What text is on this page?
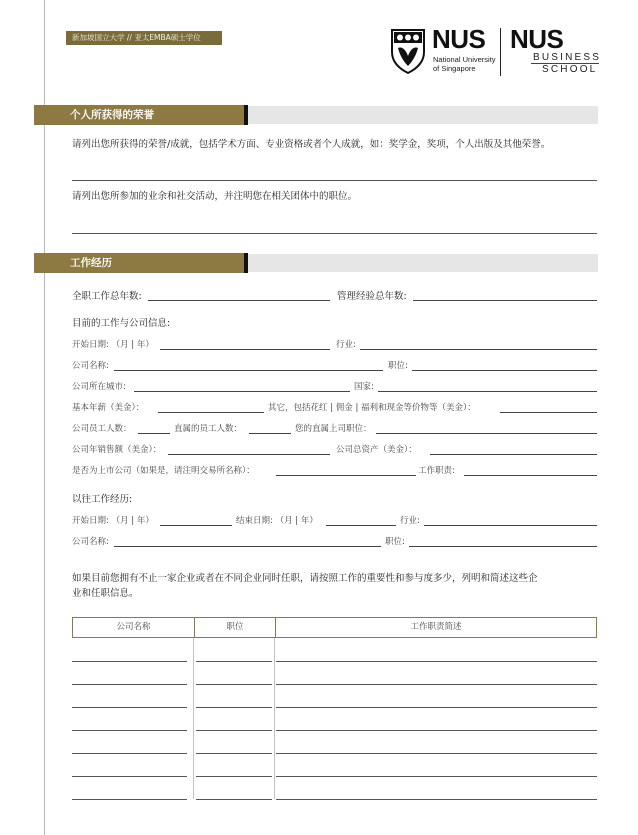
新加坡国立大学 // 亚太EMBA硕士学位	NUS
National University
of Singapore
NUS
BUSINESS
SCHOOL
个人所获得的荣誉
请列出您所获得的荣誉/成就，包括学术方面、专业资格或者个人成就，如：奖学金，奖项，个人出版及其他荣誉。
请列出您所参加的业余和社交活动，并注明您在相关团体中的职位。
工作经历
全职工作总年数:	管理经验总年数:
目前的工作与公司信息:
开始日期: （月 | 年）	行业:
公司名称:	职位:
公司所在城市:	国家:
基本年薪（美金）：	其它，包括花红 | 佣金 | 福利和现金等价物等（美金）：
公司员工人数：	直属的员工人数：	您的直属上司职位：
公司年销售额（美金）：	公司总资产（美金）：
是否为上市公司（如果是，请注明交易所名称）：	工作职责:
以往工作经历:
开始日期: （月 | 年）	结束日期: （月 | 年）	行业:
公司名称:	职位:
如果目前您拥有不止一家企业或者在不同企业同时任职，请按照工作的重要性和参与度多少，列明和简述这些企
业和任职信息。
公司名称	职位	工作职责简述
